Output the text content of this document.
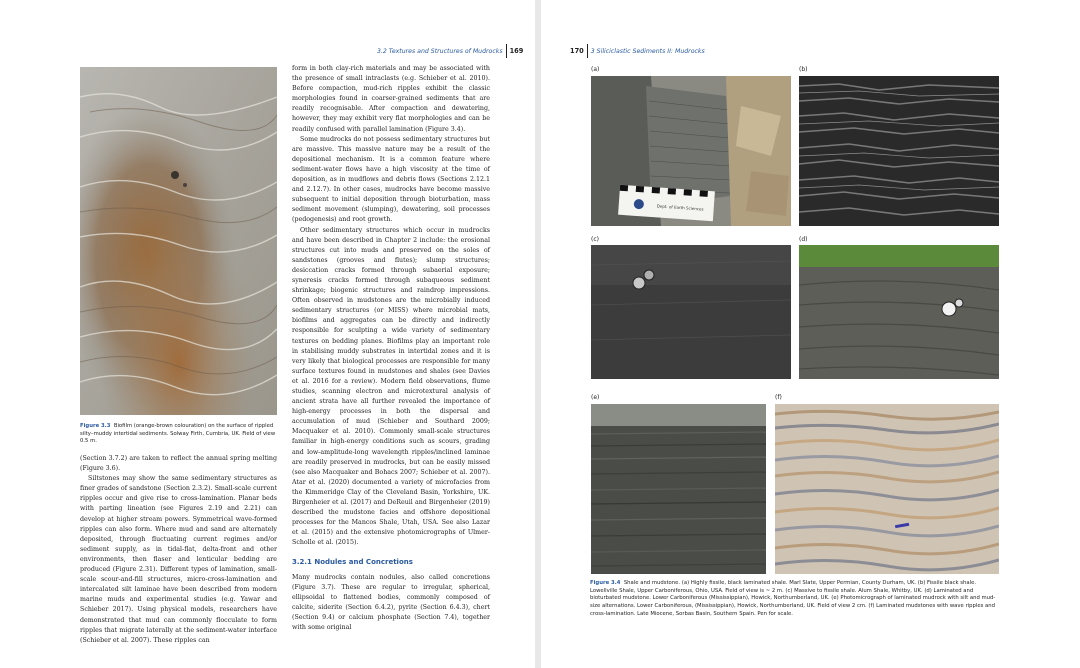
3.2 Textures and Structures of Mudrocks 169
Figure 3.3 Biofilm (orange-brown colouration) on the surface of rippled silty–muddy intertidal sediments. Solway Firth, Cumbria, UK. Field of view 0.5 m.

(Section 3.7.2) are taken to reflect the annual spring melting (Figure 3.6).

Siltstones may show the same sedimentary structures as finer grades of sandstone (Section 2.3.2). Small-scale current ripples occur and give rise to cross-lamination. Planar beds with parting lineation (see Figures 2.19 and 2.21) can develop at higher stream powers. Symmetrical wave-formed ripples can also form. Where mud and sand are alternately deposited, through fluctuating current regimes and/or sediment supply, as in tidal-flat, delta-front and other environments, then flaser and lenticular bedding are produced (Figure 2.31). Different types of lamination, small-scale scour-and-fill structures, micro-cross-lamination and intercalated silt laminae have been described from modern marine muds and experimental studies (e.g. Yawar and Schieber 2017). Using physical models, researchers have demonstrated that mud can commonly flocculate to form ripples that migrate laterally at the sediment-water interface (Schieber et al. 2007). These ripples can

form in both clay-rich materials and may be associated with the presence of small intraclasts (e.g. Schieber et al. 2010). Before compaction, mud-rich ripples exhibit the classic morphologies found in coarser-grained sediments that are readily recognisable. After compaction and dewatering, however, they may exhibit very flat morphologies and can be readily confused with parallel lamination (Figure 3.4).

Some mudrocks do not possess sedimentary structures but are massive. This massive nature may be a result of the depositional mechanism. It is a common feature where sediment-water flows have a high viscosity at the time of deposition, as in mudflows and debris flows (Sections 2.12.1 and 2.12.7). In other cases, mudrocks have become massive subsequent to initial deposition through bioturbation, mass sediment movement (slumping), dewatering, soil processes (pedogenesis) and root growth.

Other sedimentary structures which occur in mudrocks and have been described in Chapter 2 include: the erosional structures cut into muds and preserved on the soles of sandstones (grooves and flutes); slump structures; desiccation cracks formed through subaerial exposure; syneresis cracks formed through subaqueous sediment shrinkage; biogenic structures and raindrop impressions. Often observed in mudstones are the microbially induced sedimentary structures (or MISS) where microbial mats, biofilms and aggregates can be directly and indirectly responsible for sculpting a wide variety of sedimentary textures on bedding planes. Biofilms play an important role in stabilising muddy substrates in intertidal zones and it is very likely that biological processes are responsible for many surface textures found in mudstones and shales (see Davies et al. 2016 for a review). Modern field observations, flume studies, scanning electron and microtextural analysis of ancient strata have all further revealed the importance of high-energy processes in both the dispersal and accumulation of mud (Schieber and Southard 2009; Macquaker et al. 2010). Commonly small-scale structures familiar in high-energy conditions such as scours, grading and low-amplitude-long wavelength ripples/inclined laminae are readily preserved in mudrocks, but can be easily missed (see also Macquaker and Bohacs 2007; Schieber et al. 2007). Atar et al. (2020) documented a variety of microfacies from the Kimmeridge Clay of the Cleveland Basin, Yorkshire, UK. Birgenheier et al. (2017) and DeReuil and Birgenheier (2019) described the mudstone facies and offshore depositional processes for the Mancos Shale, Utah, USA. See also Lazar et al. (2015) and the extensive photomicrographs of Ulmer-Scholle et al. (2015).

3.2.1 Nodules and Concretions

Many mudrocks contain nodules, also called concretions (Figure 3.7). These are regular to irregular, spherical, ellipsoidal to flattened bodies, commonly composed of calcite, siderite (Section 6.4.2), pyrite (Section 6.4.3), chert (Section 9.4) or calcium phosphate (Section 7.4), together with some original

170 3 Siliciclastic Sediments II: Mudrocks
(a)	(b)
(c)	(d)
(e)	(f)
Dept. of Earth Sciences
Figure 3.4 Shale and mudstone. (a) Highly fissile, black laminated shale. Marl Slate, Upper Permian, County Durham, UK. (b) Fissile black shale. Lowellville Shale, Upper Carboniferous, Ohio, USA. Field of view is ~ 2 m. (c) Massive to fissile shale. Alum Shale, Whitby, UK. (d) Laminated and bioturbated mudstone. Lower Carboniferous (Mississippian), Howick, Northumberland, UK. (e) Photomicrograph of laminated mudrock with silt and mud-size alternations. Lower Carboniferous, (Mississippian), Howick, Northumberland, UK. Field of view 2 cm. (f) Laminated mudstones with wave ripples and cross-lamination. Late Miocene, Sorbas Basin, Southern Spain. Pen for scale.
